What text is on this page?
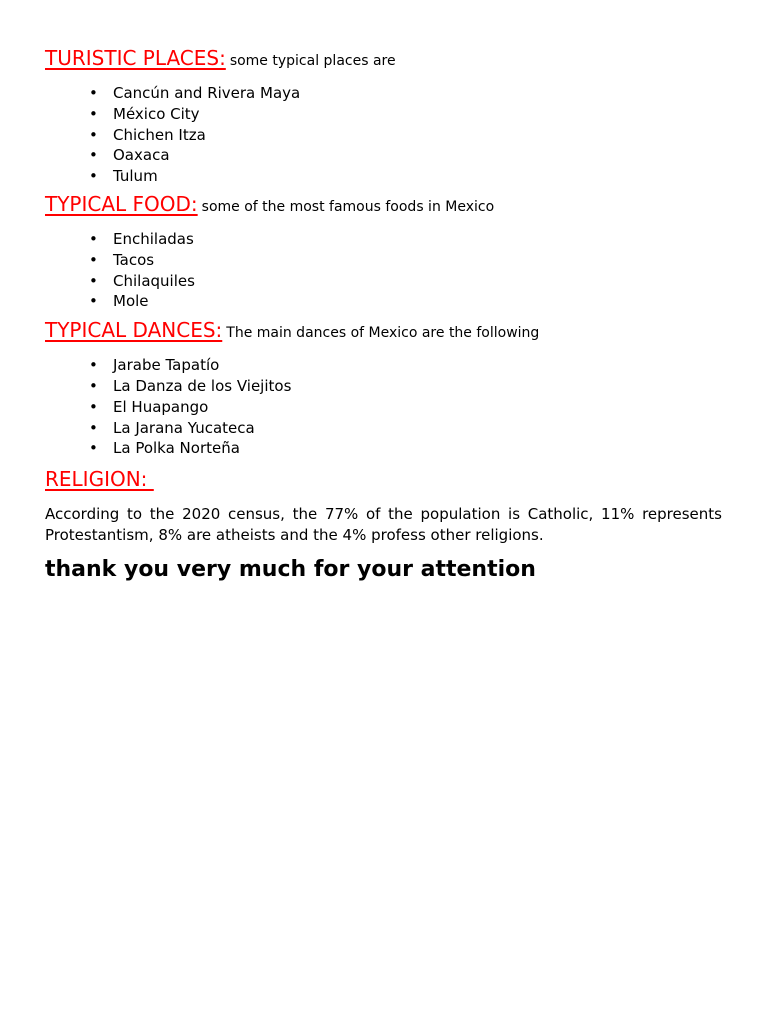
TURISTIC PLACES: some typical places are

• Cancún and Rivera Maya
• México City
• Chichen Itza
• Oaxaca
• Tulum

TYPICAL FOOD: some of the most famous foods in Mexico

• Enchiladas
• Tacos
• Chilaquiles
• Mole

TYPICAL DANCES: The main dances of Mexico are the following

• Jarabe Tapatío
• La Danza de los Viejitos
• El Huapango
• La Jarana Yucateca
• La Polka Norteña

RELIGION:

According to the 2020 census, the 77% of the population is Catholic, 11% represents Protestantism, 8% are atheists and the 4% profess other religions.

thank you very much for your attention
